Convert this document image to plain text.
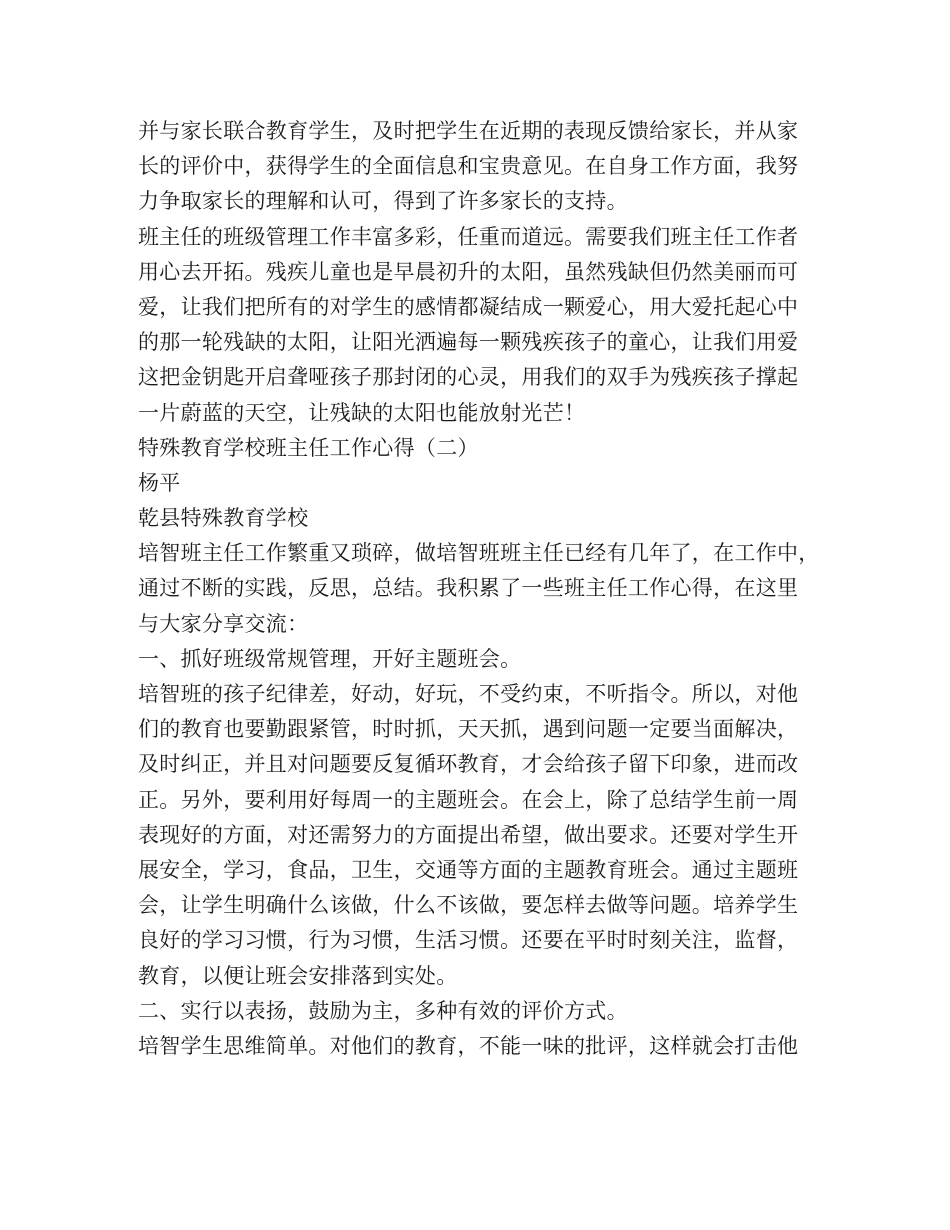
并与家长联合教育学生，及时把学生在近期的表现反馈给家长，并从家
长的评价中，获得学生的全面信息和宝贵意见。在自身工作方面，我努
力争取家长的理解和认可，得到了许多家长的支持。
班主任的班级管理工作丰富多彩，任重而道远。需要我们班主任工作者
用心去开拓。残疾儿童也是早晨初升的太阳，虽然残缺但仍然美丽而可
爱，让我们把所有的对学生的感情都凝结成一颗爱心，用大爱托起心中
的那一轮残缺的太阳，让阳光洒遍每一颗残疾孩子的童心，让我们用爱
这把金钥匙开启聋哑孩子那封闭的心灵，用我们的双手为残疾孩子撑起
一片蔚蓝的天空，让残缺的太阳也能放射光芒！
特殊教育学校班主任工作心得（二）
杨平
乾县特殊教育学校
培智班主任工作繁重又琐碎，做培智班班主任已经有几年了，在工作中，
通过不断的实践，反思，总结。我积累了一些班主任工作心得，在这里
与大家分享交流：
一、抓好班级常规管理，开好主题班会。
培智班的孩子纪律差，好动，好玩，不受约束，不听指令。所以，对他
们的教育也要勤跟紧管，时时抓，天天抓，遇到问题一定要当面解决，
及时纠正，并且对问题要反复循环教育，才会给孩子留下印象，进而改
正。另外，要利用好每周一的主题班会。在会上，除了总结学生前一周
表现好的方面，对还需努力的方面提出希望，做出要求。还要对学生开
展安全，学习，食品，卫生，交通等方面的主题教育班会。通过主题班
会，让学生明确什么该做，什么不该做，要怎样去做等问题。培养学生
良好的学习习惯，行为习惯，生活习惯。还要在平时时刻关注，监督，
教育，以便让班会安排落到实处。
二、实行以表扬，鼓励为主，多种有效的评价方式。
培智学生思维简单。对他们的教育，不能一味的批评，这样就会打击他
